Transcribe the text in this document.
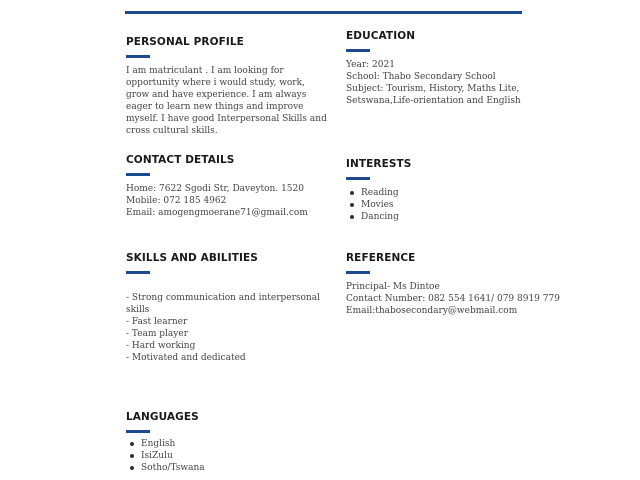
PERSONAL PROFILE
I am matriculant . I am looking for
opportunity where i would study, work,
grow and have experience. I am always
eager to learn new things and improve
myself. I have good Interpersonal Skills and
cross cultural skills.
EDUCATION
Year: 2021
School: Thabo Secondary School
Subject: Tourism, History, Maths Lite,
Setswana,Life-orientation and English
CONTACT DETAILS
Home: 7622 Sgodi Str, Daveyton. 1520
Mobile: 072 185 4962
Email: amogengmoerane71@gmail.com
INTERESTS
Reading
Movies
Dancing
SKILLS AND ABILITIES
- Strong communication and interpersonal
skills
- Fast learner
- Team player
- Hard working
- Motivated and dedicated
REFERENCE
Principal- Ms Dintoe
Contact Number: 082 554 1641/ 079 8919 779
Email:thabosecondary@webmail.com
LANGUAGES
English
IsiZulu
Sotho/Tswana
